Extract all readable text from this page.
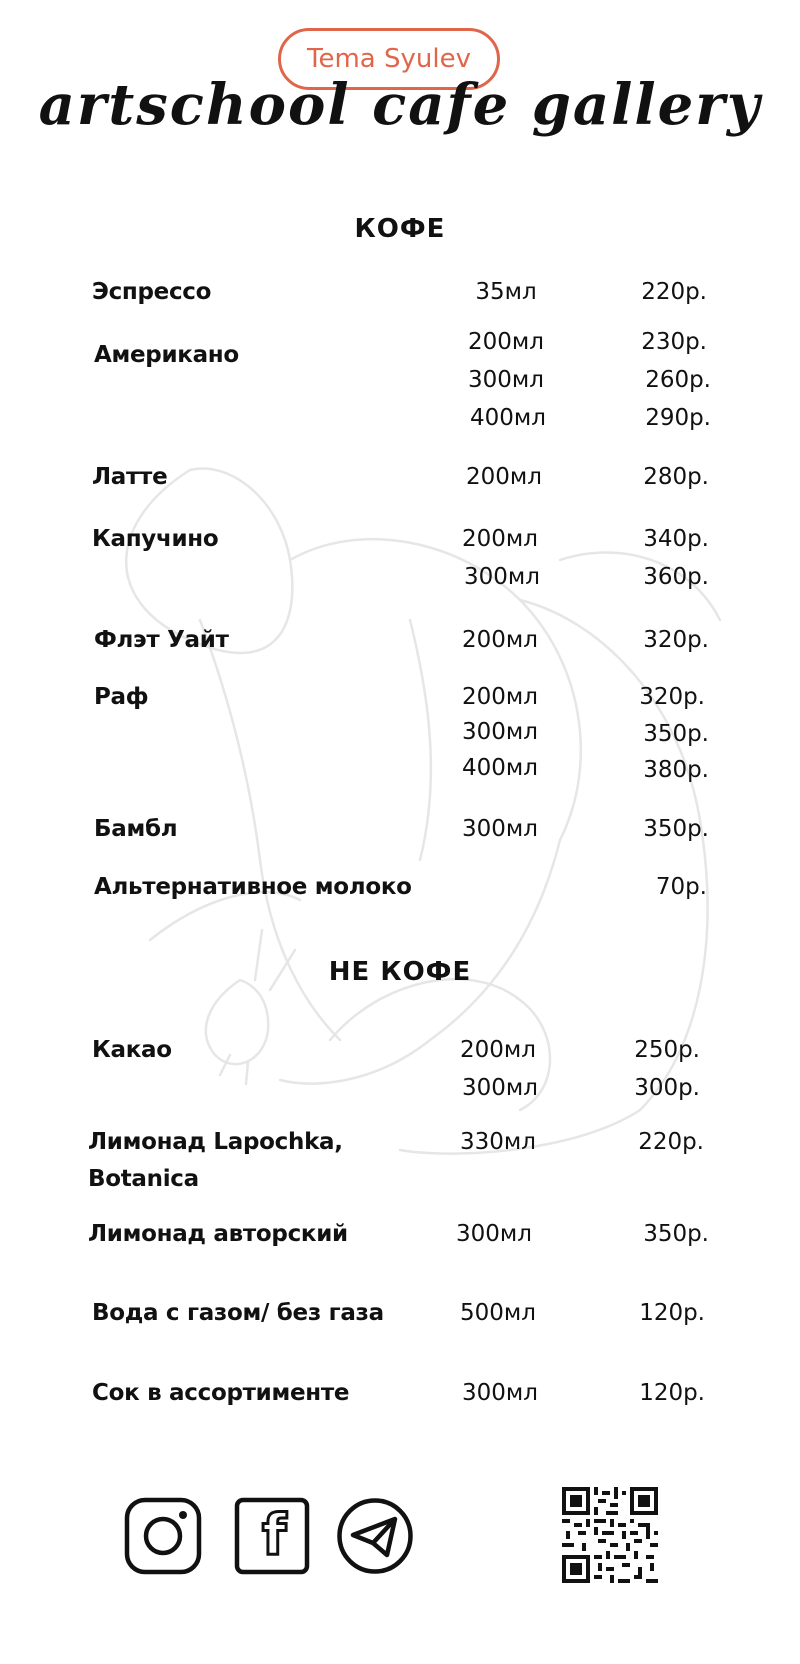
Tema Syulev
artschool cafe gallery
КОФЕ
Эспрессо	35мл	220р.
Американо	200мл	230р.
300мл	260р.
400мл	290р.
Латте	200мл	280р.
Капучино	200мл	340р.
300мл	360р.
Флэт Уайт	200мл	320р.
Раф	200мл	320р.
300мл	350р.
400мл	380р.
Бамбл	300мл	350р.
Альтернативное молоко	70р.
НЕ КОФЕ
Какао	200мл	250р.
300мл	300р.
Лимонад Lapochka,
Botanica
330мл	220р.
Лимонад авторский	300мл	350р.
Вода с газом/ без газа	500мл	120р.
Сок в ассортименте	300мл	120р.
f
